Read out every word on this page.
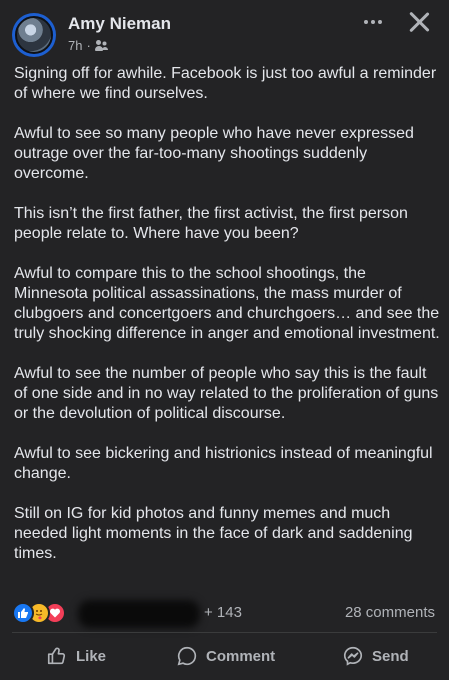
Amy Nieman
7h ·

Signing off for awhile. Facebook is just too awful a reminder of where we find ourselves.

Awful to see so many people who have never expressed outrage over the far-too-many shootings suddenly overcome.

This isn’t the first father, the first activist, the first person people relate to. Where have you been?

Awful to compare this to the school shootings, the Minnesota political assassinations, the mass murder of clubgoers and concertgoers and churchgoers… and see the truly shocking difference in anger and emotional investment.

Awful to see the number of people who say this is the fault of one side and in no way related to the proliferation of guns or the devolution of political discourse.

Awful to see bickering and histrionics instead of meaningful change.

Still on IG for kid photos and funny memes and much needed light moments in the face of dark and saddening times.

+ 143	28 comments
Like	Comment	Send
